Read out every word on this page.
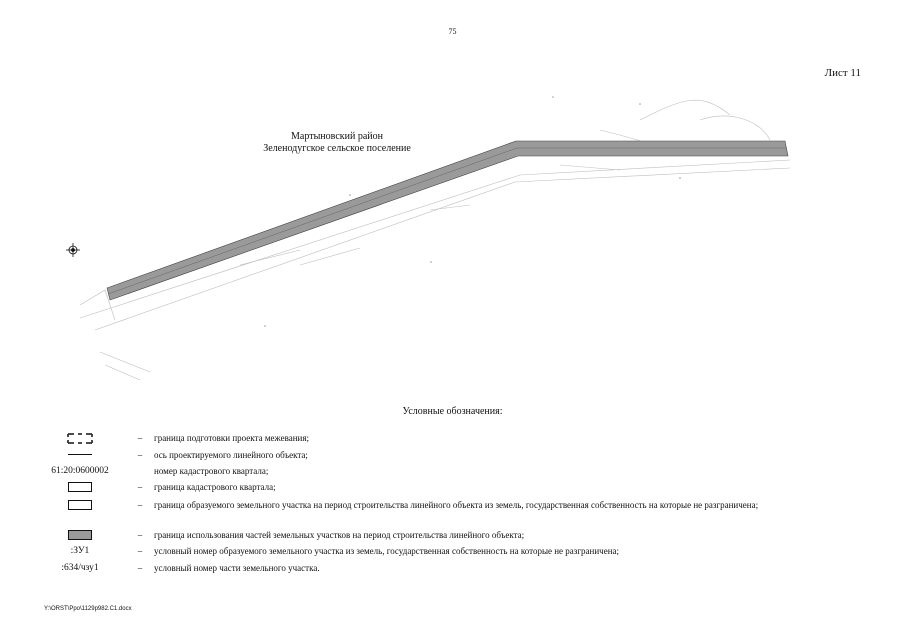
75
Лист 11
Мартыновский район
Зеленодугское сельское поселение
Условные обозначения:
–	граница подготовки проекта межевания;
–	ось проектируемого линейного объекта;
61:20:0600002	номер кадастрового квартала;
–	граница кадастрового квартала;
–	граница образуемого земельного участка на период строительства линейного объекта из земель, государственная собственность на которые не разграничена;
–	граница использования частей земельных участков на период строительства линейного объекта;
:ЗУ1	–	условный номер образуемого земельного участка из земель, государственная собственность на которые не разграничена;
:634/чзу1	–	условный номер части земельного участка.
Y:\ORST\Ppo\1129p982.C1.docx
